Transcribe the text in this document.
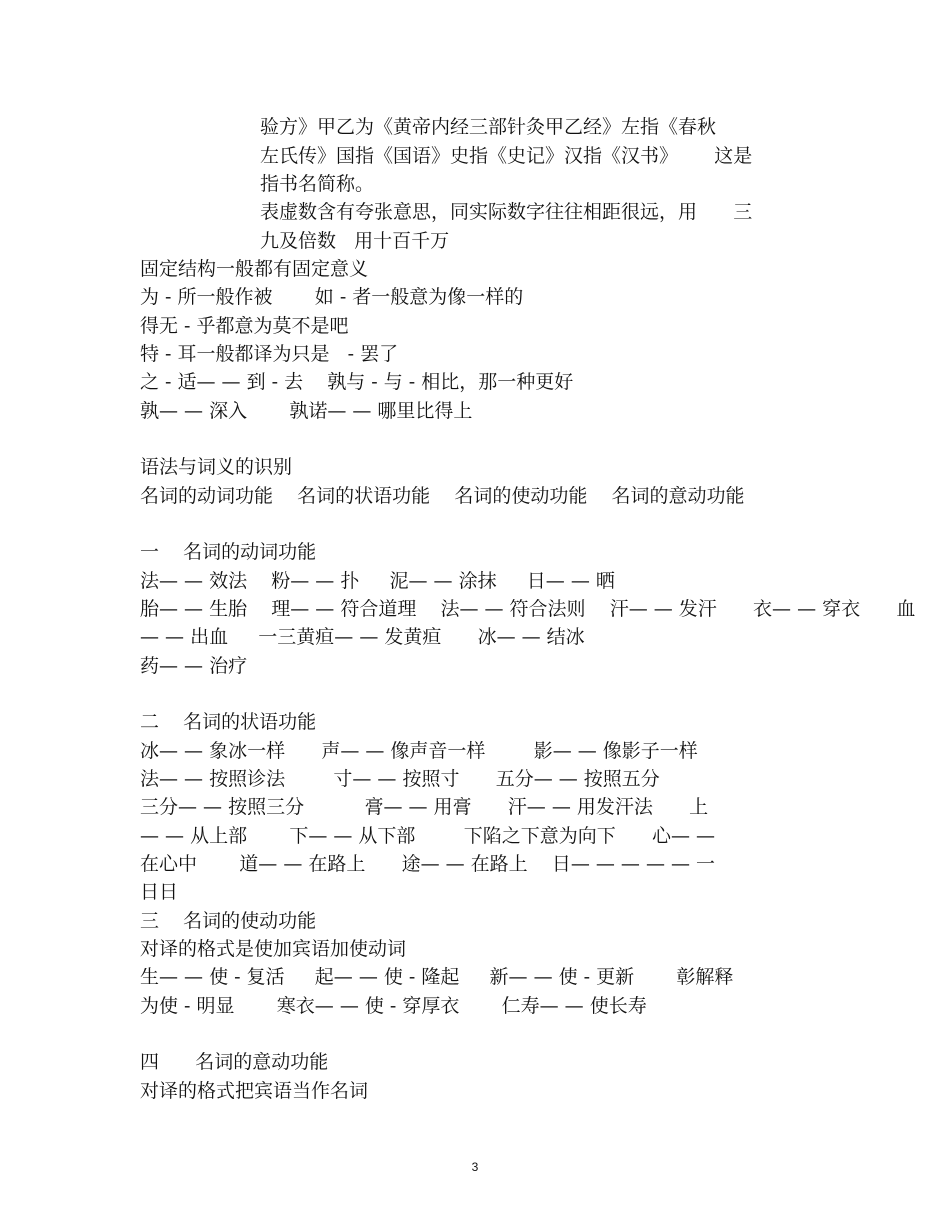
验方》甲乙为《黄帝内经三部针灸甲乙经》左指《春秋
左氏传》国指《国语》史指《史记》汉指《汉书》      这是
指书名简称。
表虚数含有夸张意思，同实际数字往往相距很远，用      三
九及倍数   用十百千万
固定结构一般都有固定意义
为 - 所一般作被       如 - 者一般意为像一样的
得无 - 乎都意为莫不是吧
特 - 耳一般都译为只是   - 罢了
之 - 适— — 到 - 去    孰与 - 与 - 相比，那一种更好
孰— — 深入       孰诺— — 哪里比得上
语法与词义的识别
名词的动词功能    名词的状语功能    名词的使动功能    名词的意动功能
一    名词的动词功能
法— — 效法    粉— — 扑     泥— — 涂抹     日— — 晒
胎— — 生胎    理— — 符合道理    法— — 符合法则    汗— — 发汗      衣— — 穿衣      血
— — 出血     一三黄疸— — 发黄疸      冰— — 结冰
药— — 治疗
二    名词的状语功能
冰— — 象冰一样      声— — 像声音一样        影— — 像影子一样
法— — 按照诊法        寸— — 按照寸      五分— — 按照五分
三分— — 按照三分          膏— — 用膏      汗— — 用发汗法      上
— — 从上部       下— — 从下部        下陷之下意为向下      心— —
在心中       道— — 在路上      途— — 在路上    日— — — — — 一
日日
三    名词的使动功能
对译的格式是使加宾语加使动词
生— — 使 - 复活     起— — 使 - 隆起     新— — 使 - 更新       彰解释
为使 - 明显       寒衣— — 使 - 穿厚衣       仁寿— — 使长寿
四      名词的意动功能
对译的格式把宾语当作名词
3
